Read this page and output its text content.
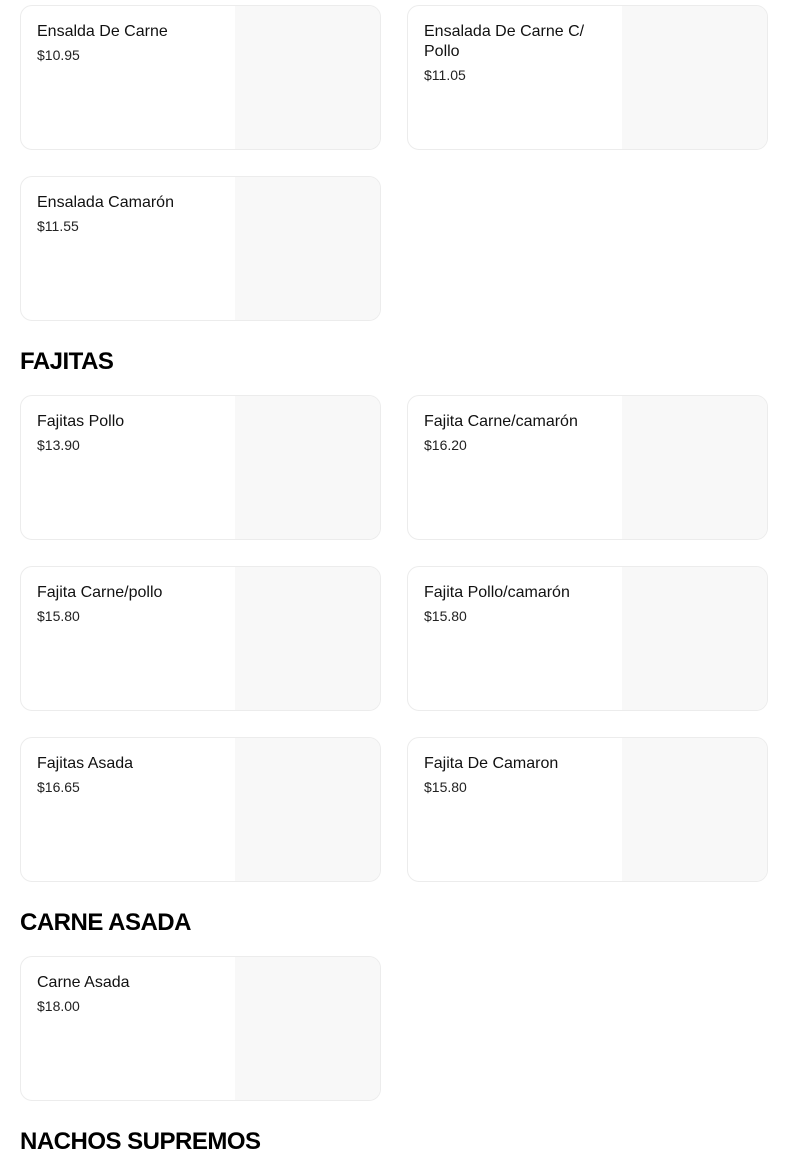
Ensalda De Carne
$10.95
Ensalada De Carne C/ Pollo
$11.05
Ensalada Camarón
$11.55
FAJITAS
Fajitas Pollo
$13.90
Fajita Carne/camarón
$16.20
Fajita Carne/pollo
$15.80
Fajita Pollo/camarón
$15.80
Fajitas Asada
$16.65
Fajita De Camaron
$15.80
CARNE ASADA
Carne Asada
$18.00
NACHOS SUPREMOS
